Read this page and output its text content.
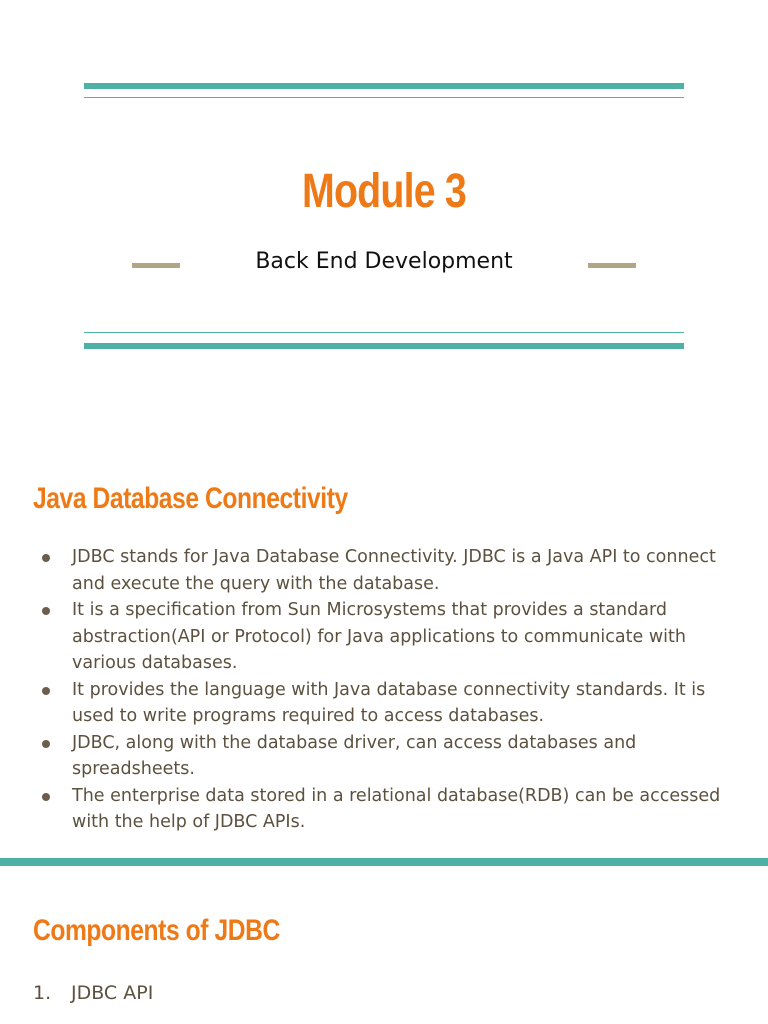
Module 3
Back End Development
Java Database Connectivity
JDBC stands for Java Database Connectivity. JDBC is a Java API to connect and execute the query with the database.
It is a specification from Sun Microsystems that provides a standard abstraction(API or Protocol) for Java applications to communicate with various databases.
It provides the language with Java database connectivity standards. It is used to write programs required to access databases.
JDBC, along with the database driver, can access databases and spreadsheets.
The enterprise data stored in a relational database(RDB) can be accessed with the help of JDBC APIs.
Components of JDBC
1. JDBC API
